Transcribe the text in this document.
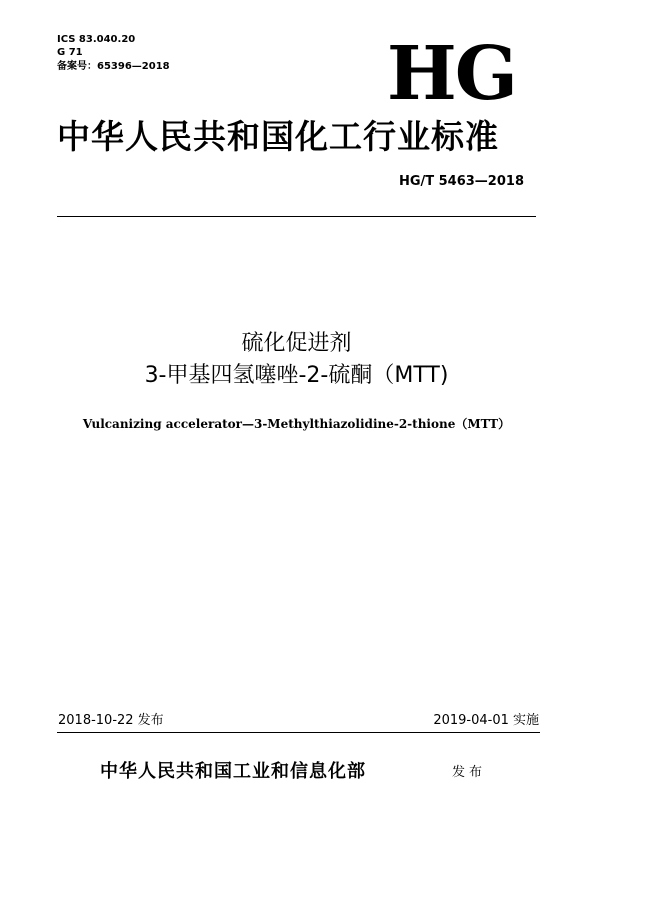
ICS 83.040.20
G 71
备案号：65396—2018	HG
中华人民共和国化工行业标准
HG/T 5463—2018
硫化促进剂
3-甲基四氢噻唑-2-硫酮（MTT)
Vulcanizing accelerator—3-Methylthiazolidine-2-thione（MTT）
2018-10-22 发布	2019-04-01 实施
中华人民共和国工业和信息化部	发布
